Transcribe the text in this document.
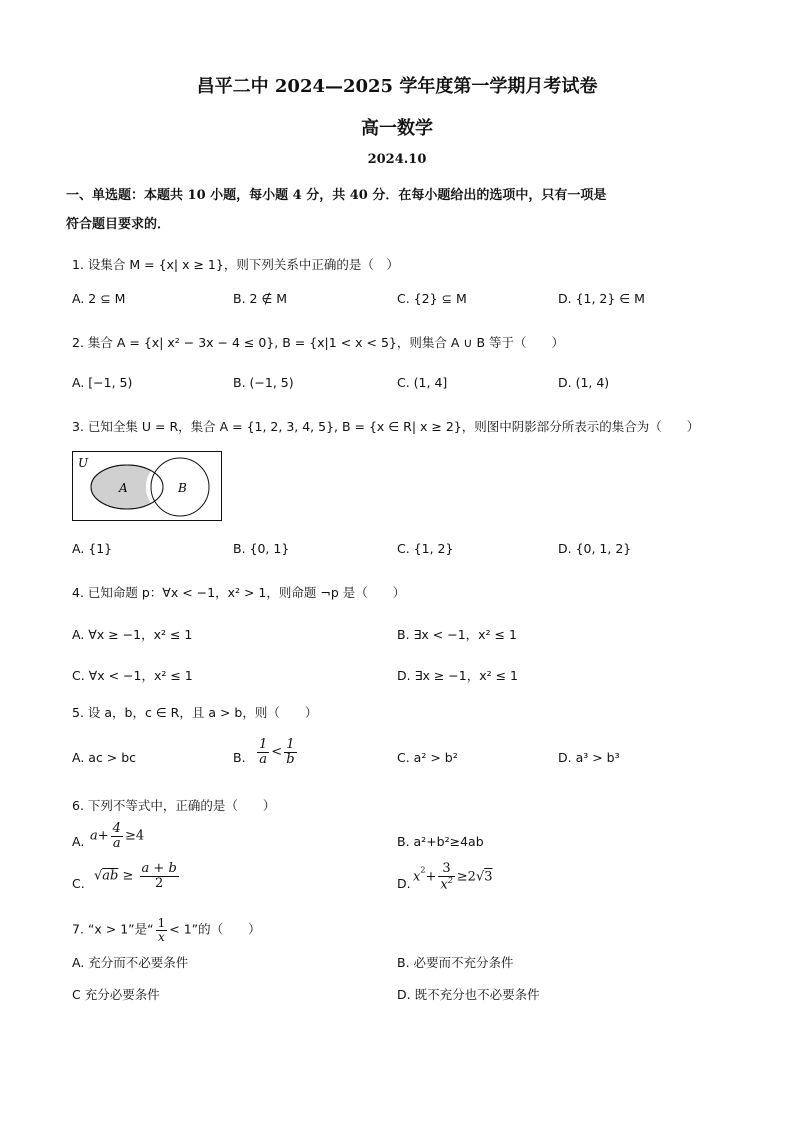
昌平二中 2024—2025 学年度第一学期月考试卷
高一数学
2024.10
一、单选题：本题共 10 小题，每小题 4 分，共 40 分．在每小题给出的选项中，只有一项是
符合题目要求的．
1. 设集合 M = {x| x ≥ 1}，则下列关系中正确的是（　）
A. 2 ⊆ M	B. 2 ∉ M	C. {2} ⊆ M	D. {1, 2} ∈ M
2. 集合 A = {x| x² − 3x − 4 ≤ 0}, B = {x|1 < x < 5}，则集合 A ∪ B 等于（　　）
A. [−1, 5)	B. (−1, 5)	C. (1, 4]	D. (1, 4)
3. 已知全集 U = R，集合 A = {1, 2, 3, 4, 5}, B = {x ∈ R| x ≥ 2}，则图中阴影部分所表示的集合为（　　）
U
A	B
A. {1}	B. {0, 1}	C. {1, 2}	D. {0, 1, 2}
4. 已知命题 p：∀x < −1，x² > 1，则命题 ¬p 是（　　）
A. ∀x ≥ −1，x² ≤ 1	B. ∃x < −1，x² ≤ 1
C. ∀x < −1，x² ≤ 1	D. ∃x ≥ −1，x² ≤ 1
5. 设 a，b，c ∈ R，且 a > b，则（　　）
A. ac > bc	B. $\frac{1}{a} < \frac{1}{b}$	C. a² > b²	D. a³ > b³
6. 下列不等式中，正确的是（　　）
A. $a+ \frac{4}{a} \ge 4$	B. a²+b²≥4ab
C. $√ab \ge \frac{a + b}{2}$	D. $x^2+ \frac{3}{x^2} \ge 2√3$
7. “x > 1”是“ $\frac{1}{x} < 1$”的（　　）
A. 充分而不必要条件	B. 必要而不充分条件
C 充分必要条件	D. 既不充分也不必要条件
